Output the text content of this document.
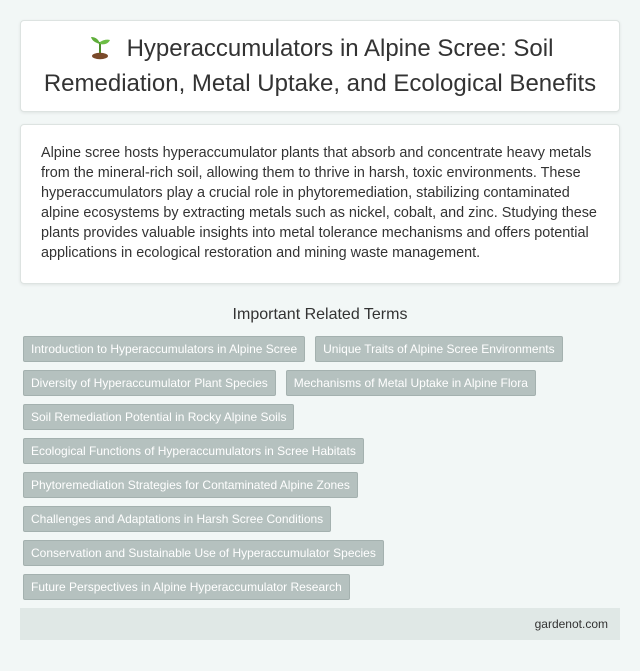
Hyperaccumulators in Alpine Scree: Soil Remediation, Metal Uptake, and Ecological Benefits

Alpine scree hosts hyperaccumulator plants that absorb and concentrate heavy metals from the mineral-rich soil, allowing them to thrive in harsh, toxic environments. These hyperaccumulators play a crucial role in phytoremediation, stabilizing contaminated alpine ecosystems by extracting metals such as nickel, cobalt, and zinc. Studying these plants provides valuable insights into metal tolerance mechanisms and offers potential applications in ecological restoration and mining waste management.

Important Related Terms
Introduction to Hyperaccumulators in Alpine Scree	Unique Traits of Alpine Scree Environments
Diversity of Hyperaccumulator Plant Species	Mechanisms of Metal Uptake in Alpine Flora
Soil Remediation Potential in Rocky Alpine Soils
Ecological Functions of Hyperaccumulators in Scree Habitats
Phytoremediation Strategies for Contaminated Alpine Zones
Challenges and Adaptations in Harsh Scree Conditions
Conservation and Sustainable Use of Hyperaccumulator Species
Future Perspectives in Alpine Hyperaccumulator Research
gardenot.com
